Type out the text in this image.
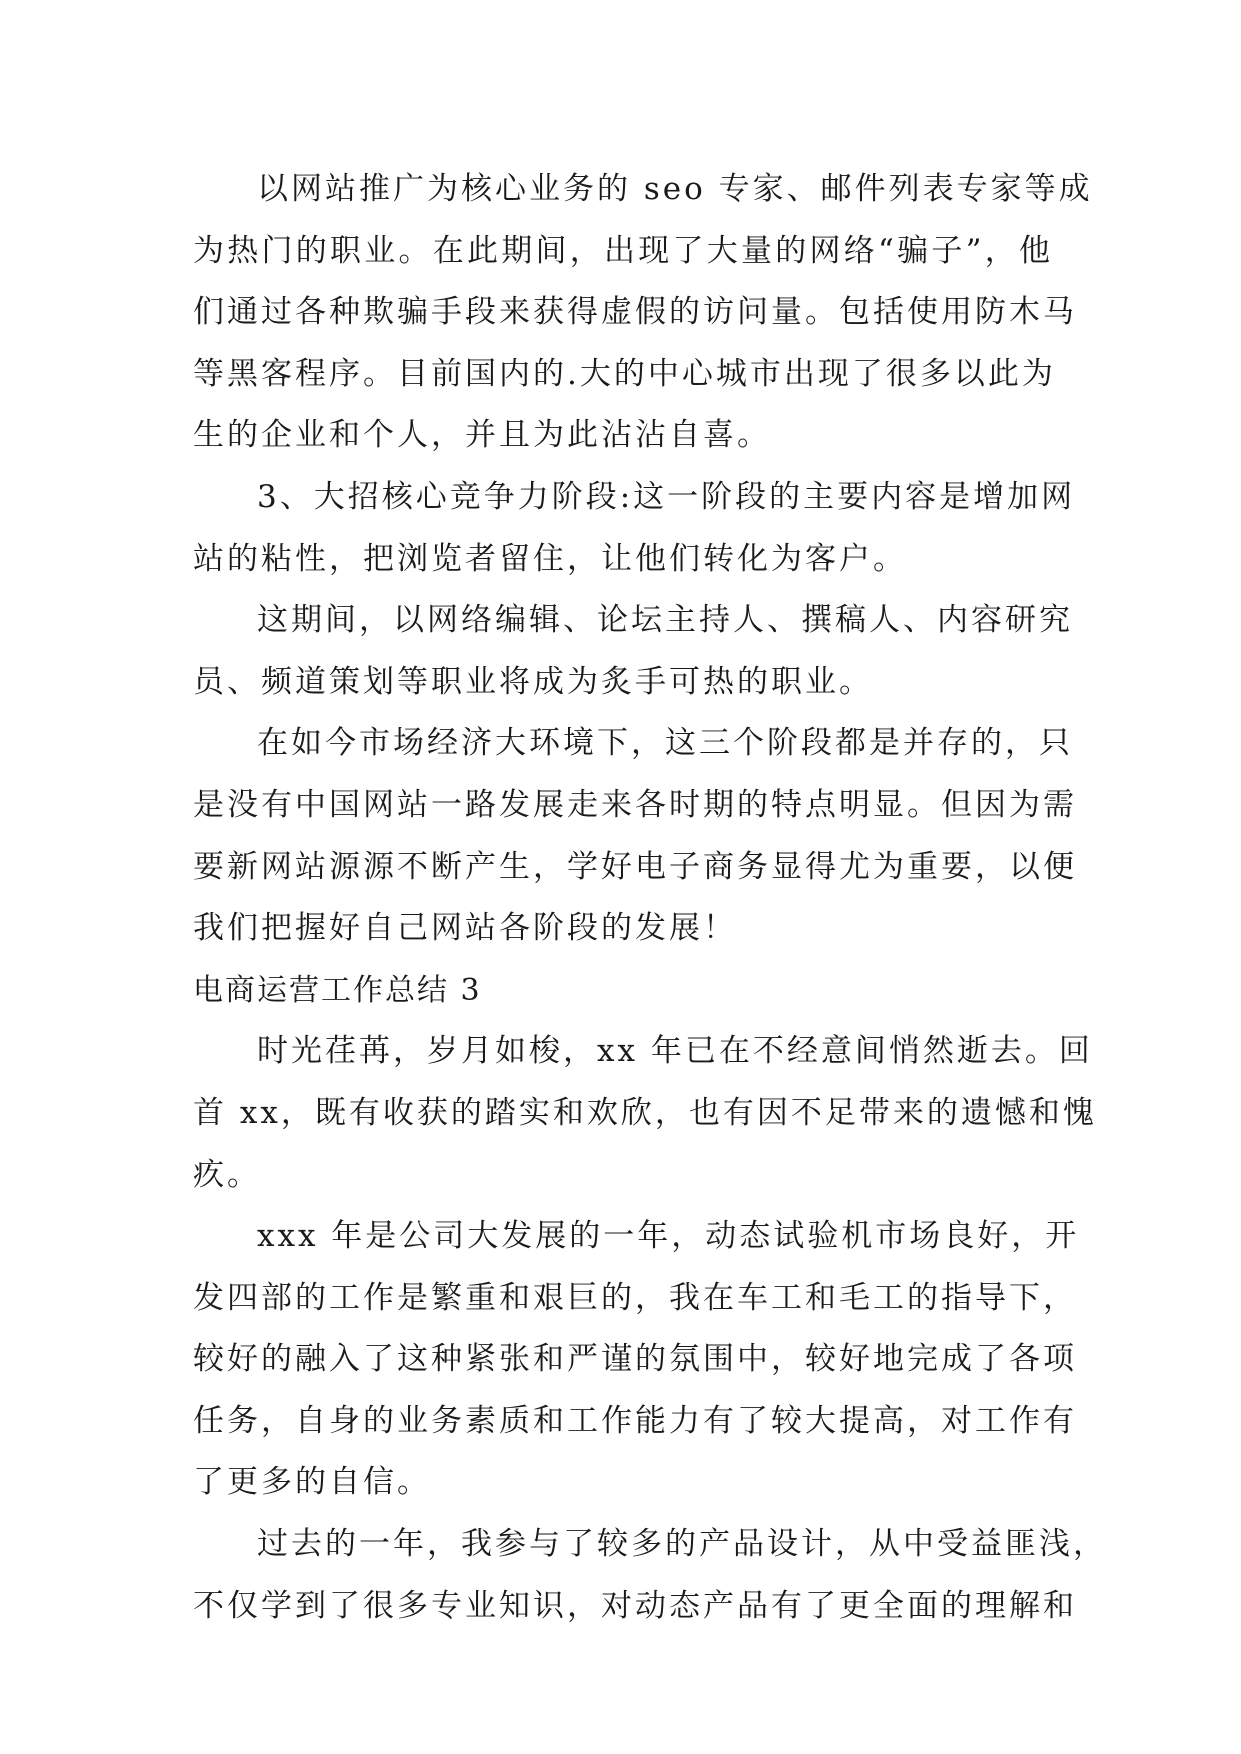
以网站推广为核心业务的 seo 专家、邮件列表专家等成
为热门的职业。在此期间，出现了大量的网络“骗子”，他
们通过各种欺骗手段来获得虚假的访问量。包括使用防木马
等黑客程序。目前国内的.大的中心城市出现了很多以此为
生的企业和个人，并且为此沾沾自喜。
3、大招核心竞争力阶段:这一阶段的主要内容是增加网
站的粘性，把浏览者留住，让他们转化为客户。
这期间，以网络编辑、论坛主持人、撰稿人、内容研究
员、频道策划等职业将成为炙手可热的职业。
在如今市场经济大环境下，这三个阶段都是并存的，只
是没有中国网站一路发展走来各时期的特点明显。但因为需
要新网站源源不断产生，学好电子商务显得尤为重要，以便
我们把握好自己网站各阶段的发展！
电商运营工作总结 3
时光荏苒，岁月如梭，xx 年已在不经意间悄然逝去。回
首 xx，既有收获的踏实和欢欣，也有因不足带来的遗憾和愧
疚。
xxx 年是公司大发展的一年，动态试验机市场良好，开
发四部的工作是繁重和艰巨的，我在车工和毛工的指导下，
较好的融入了这种紧张和严谨的氛围中，较好地完成了各项
任务，自身的业务素质和工作能力有了较大提高，对工作有
了更多的自信。
过去的一年，我参与了较多的产品设计，从中受益匪浅，
不仅学到了很多专业知识，对动态产品有了更全面的理解和
